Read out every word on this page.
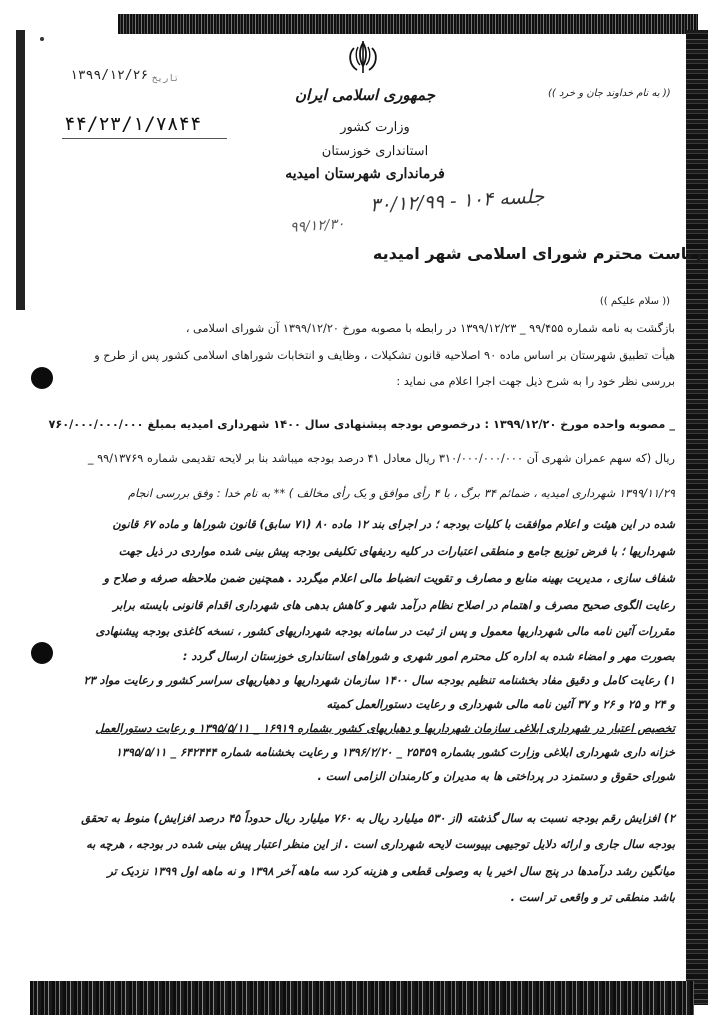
جمهوری اسلامی ایران
وزارت کشور
استانداری خوزستان
فرمانداری شهرستان امیدیه
تاریخ
۱۳۹۹/۱۲/۲۶
۴۴/۲۳/۱/۷۸۴۴
(( به نام خداوند جان و خرد ))
جلسه ۱۰۴ - ۳۰/۱۲/۹۹
۹۹/۱۲/۳۰
ریاست محترم شورای اسلامی شهر امیدیه
(( سلام علیکم ))
بازگشت به نامه شماره ۹۹/۴۵۵ _ ۱۳۹۹/۱۲/۲۳ در رابطه با مصوبه مورخ ۱۳۹۹/۱۲/۲۰ آن شورای اسلامی ،
هیأت تطبیق شهرستان بر اساس ماده ۹۰ اصلاحیه قانون تشکیلات ، وظایف و انتخابات شوراهای اسلامی کشور پس از طرح و
بررسی نظر خود را به شرح ذیل جهت اجرا اعلام می نماید :
_ مصوبه واحده مورخ ۱۳۹۹/۱۲/۲۰ : درخصوص بودجه پیشنهادی سال ۱۴۰۰ شهرداری امیدیه بمبلغ ۷۶۰/۰۰۰/۰۰۰/۰۰۰
ریال (که سهم عمران شهری آن ۳۱۰/۰۰۰/۰۰۰/۰۰۰ ریال معادل ۴۱ درصد بودجه میباشد بنا بر لایحه تقدیمی شماره ۹۹/۱۳۷۶۹ _
۱۳۹۹/۱۱/۲۹ شهرداری امیدیه ، ضمائم ۳۴ برگ ، با ۴ رأی موافق و یک رأی مخالف ) ** به نام خدا : وفق بررسی انجام
شده در این هیئت و اعلام موافقت با کلیات بودجه ؛ در اجرای بند ۱۲ ماده ۸۰ (۷۱ سابق) قانون شوراها و ماده ۶۷ قانون
شهرداریها ؛ با فرض توزیع جامع و منطقی اعتبارات در کلیه ردیفهای تکلیفی بودجه پیش بینی شده مواردی در ذیل جهت
شفاف سازی ، مدیریت بهینه منابع و مصارف و تقویت انضباط مالی اعلام میگردد . همچنین ضمن ملاحظه صرفه و صلاح و
رعایت الگوی صحیح مصرف و اهتمام در اصلاح نظام درآمد شهر و کاهش بدهی های شهرداری اقدام قانونی بایسته برابر
مقررات آئین نامه مالی شهرداریها معمول و پس از ثبت در سامانه بودجه شهرداریهای کشور ، نسخه کاغذی بودجه پیشنهادی
بصورت مهر و امضاء شده به اداره کل محترم امور شهری و شوراهای استانداری خوزستان ارسال گردد :
۱) رعایت کامل و دقیق مفاد بخشنامه تنظیم بودجه سال ۱۴۰۰ سازمان شهرداریها و دهیاریهای سراسر کشور و رعایت مواد ۲۳
و ۲۴ و ۲۵ و ۲۶ و ۳۷ آئین نامه مالی شهرداری و رعایت دستورالعمل کمیته
تخصیص اعتبار در شهرداری ابلاغی سازمان شهرداریها و دهیاریهای کشور بشماره ۱۶۹۱۹ _ ۱۳۹۵/۵/۱۱ و رعایت دستورالعمل
خزانه داری شهرداری ابلاغی وزارت کشور بشماره ۲۵۴۵۹ _ ۱۳۹۶/۲/۲۰ و رعایت بخشنامه شماره ۶۴۲۴۴۴ _ ۱۳۹۵/۵/۱۱
شورای حقوق و دستمزد در پرداختی ها به مدیران و کارمندان الزامی است .
۲) افزایش رقم بودجه نسبت به سال گذشته (از ۵۳۰ میلیارد ریال به ۷۶۰ میلیارد ریال حدوداً ۴۵ درصد افزایش) منوط به تحقق
بودجه سال جاری و ارائه دلایل توجیهی بپیوست لایحه شهرداری است . از این منظر اعتبار پیش بینی شده در بودجه ، هرچه به
میانگین رشد درآمدها در پنج سال اخیر یا به وصولی قطعی و هزینه کرد سه ماهه آخر ۱۳۹۸ و نه ماهه اول ۱۳۹۹ نزدیک تر
باشد منطقی تر و واقعی تر است .
